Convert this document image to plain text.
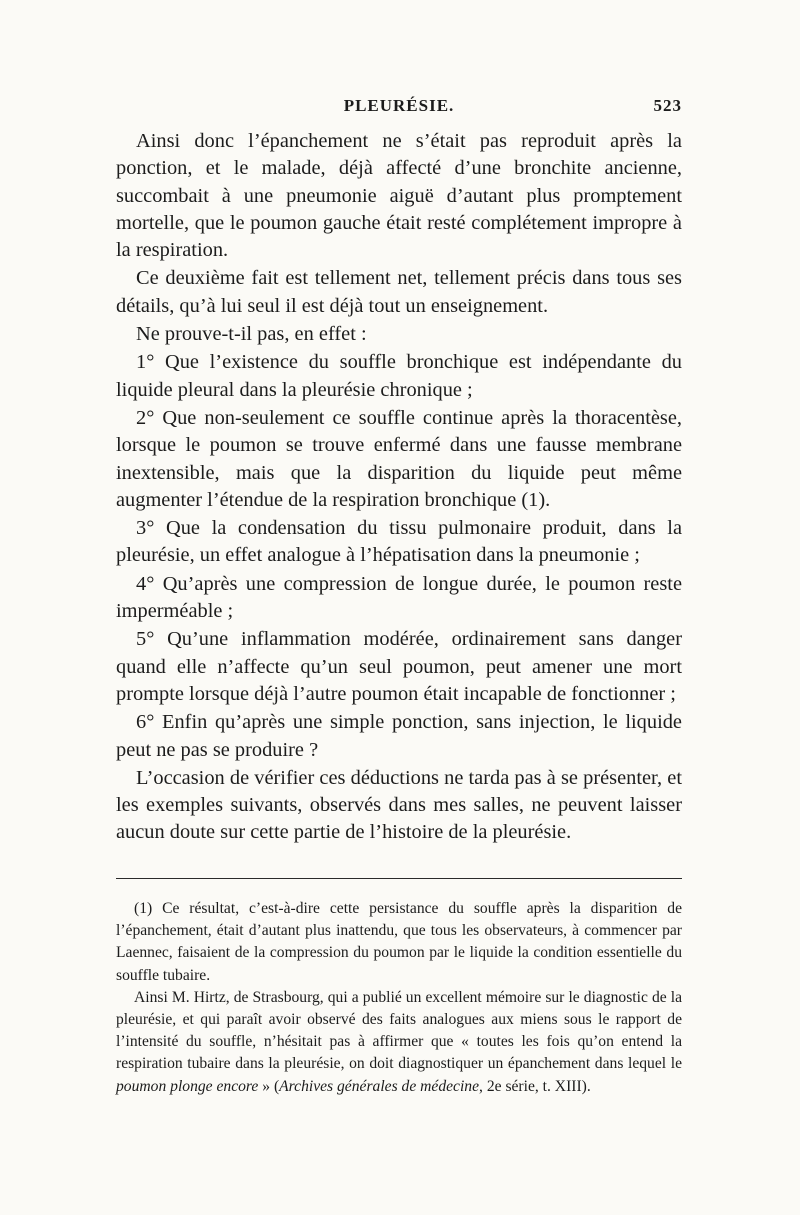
PLEURÉSIE.	523

Ainsi donc l’épanchement ne s’était pas reproduit après la ponction, et le malade, déjà affecté d’une bronchite ancienne, succombait à une pneumonie aiguë d’autant plus promptement mortelle, que le poumon gauche était resté complétement impropre à la respiration.

Ce deuxième fait est tellement net, tellement précis dans tous ses détails, qu’à lui seul il est déjà tout un enseignement.

Ne prouve-t-il pas, en effet :

1° Que l’existence du souffle bronchique est indépendante du liquide pleural dans la pleurésie chronique ;

2° Que non-seulement ce souffle continue après la thoracentèse, lorsque le poumon se trouve enfermé dans une fausse membrane inextensible, mais que la disparition du liquide peut même augmenter l’étendue de la respiration bronchique (1).

3° Que la condensation du tissu pulmonaire produit, dans la pleurésie, un effet analogue à l’hépatisation dans la pneumonie ;

4° Qu’après une compression de longue durée, le poumon reste imperméable ;

5° Qu’une inflammation modérée, ordinairement sans danger quand elle n’affecte qu’un seul poumon, peut amener une mort prompte lorsque déjà l’autre poumon était incapable de fonctionner ;

6° Enfin qu’après une simple ponction, sans injection, le liquide peut ne pas se produire ?

L’occasion de vérifier ces déductions ne tarda pas à se présenter, et les exemples suivants, observés dans mes salles, ne peuvent laisser aucun doute sur cette partie de l’histoire de la pleurésie.

(1) Ce résultat, c’est-à-dire cette persistance du souffle après la disparition de l’épanchement, était d’autant plus inattendu, que tous les observateurs, à commencer par Laennec, faisaient de la compression du poumon par le liquide la condition essentielle du souffle tubaire.

Ainsi M. Hirtz, de Strasbourg, qui a publié un excellent mémoire sur le diagnostic de la pleurésie, et qui paraît avoir observé des faits analogues aux miens sous le rapport de l’intensité du souffle, n’hésitait pas à affirmer que « toutes les fois qu’on entend la respiration tubaire dans la pleurésie, on doit diagnostiquer un épanchement dans lequel le poumon plonge encore » (Archives générales de médecine, 2e série, t. XIII).
